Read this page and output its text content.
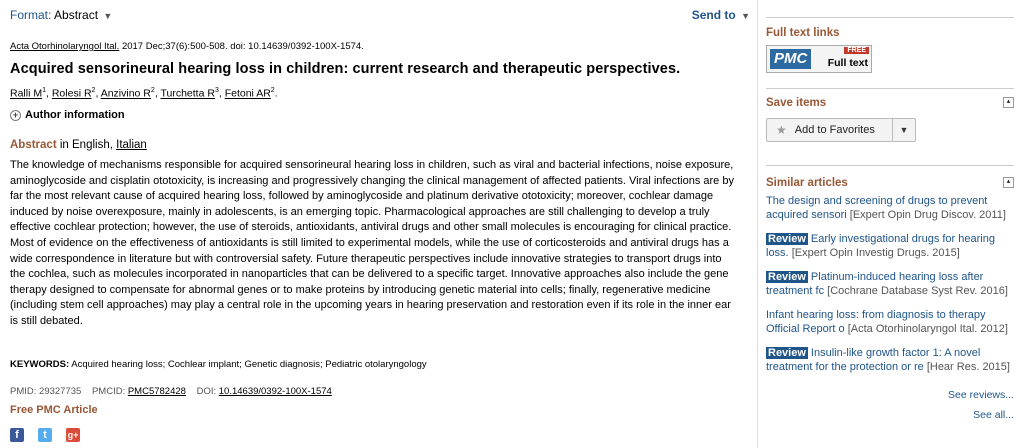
Format: Abstract ▼	Send to ▼
Acta Otorhinolaryngol Ital. 2017 Dec;37(6):500-508. doi: 10.14639/0392-100X-1574.
Acquired sensorineural hearing loss in children: current research and therapeutic perspectives.
Ralli $M^1$, Rolesi $R^2$, Anzivino $R^2$, Turchetta $R^3$, Fetoni $AR^2$.
+ Author information
Abstract in English, Italian
The knowledge of mechanisms responsible for acquired sensorineural hearing loss in children, such as viral and bacterial infections, noise exposure, aminoglycoside and cisplatin ototoxicity, is increasing and progressively changing the clinical management of affected patients. Viral infections are by far the most relevant cause of acquired hearing loss, followed by aminoglycoside and platinum derivative ototoxicity; moreover, cochlear damage induced by noise overexposure, mainly in adolescents, is an emerging topic. Pharmacological approaches are still challenging to develop a truly effective cochlear protection; however, the use of steroids, antioxidants, antiviral drugs and other small molecules is encouraging for clinical practice. Most of evidence on the effectiveness of antioxidants is still limited to experimental models, while the use of corticosteroids and antiviral drugs has a wide correspondence in literature but with controversial safety. Future therapeutic perspectives include innovative strategies to transport drugs into the cochlea, such as molecules incorporated in nanoparticles that can be delivered to a specific target. Innovative approaches also include the gene therapy designed to compensate for abnormal genes or to make proteins by introducing genetic material into cells; finally, regenerative medicine (including stem cell approaches) may play a central role in the upcoming years in hearing preservation and restoration even if its role in the inner ear is still debated.
KEYWORDS: Acquired hearing loss; Cochlear implant; Genetic diagnosis; Pediatric otolaryngology
PMID: 29327735 PMCID: PMC5782428 DOI: 10.14639/0392-100X-1574
Free PMC Article
f	t	g+
Full text links
PMC	FREE
Full text
Save items	▲
★ Add to Favorites	▼
Similar articles	▲
The design and screening of drugs to prevent
acquired sensori [Expert Opin Drug Discov. 2011]
Review Early investigational drugs for hearing
loss. [Expert Opin Investig Drugs. 2015]
Review Platinum-induced hearing loss after
treatment fc [Cochrane Database Syst Rev. 2016]
Infant hearing loss: from diagnosis to therapy
Official Report o [Acta Otorhinolaryngol Ital. 2012]
Review Insulin-like growth factor 1: A novel
treatment for the protection or re [Hear Res. 2015]
See reviews...
See all...
